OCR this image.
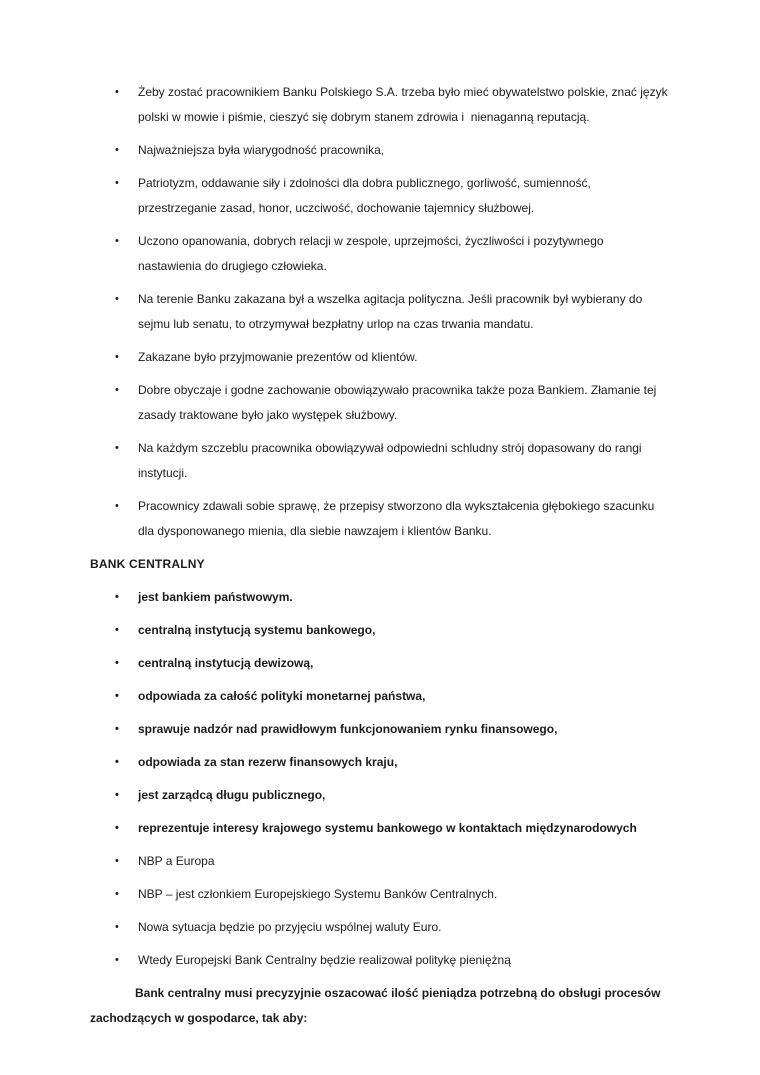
•	Żeby zostać pracownikiem Banku Polskiego S.A. trzeba było mieć obywatelstwo polskie, znać język polski w mowie i piśmie, cieszyć się dobrym stanem zdrowia i  nienaganną reputacją.
•	Najważniejsza była wiarygodność pracownika,
•	Patriotyzm, oddawanie siły i zdolności dla dobra publicznego, gorliwość, sumienność, przestrzeganie zasad, honor, uczciwość, dochowanie tajemnicy służbowej.
•	Uczono opanowania, dobrych relacji w zespole, uprzejmości, życzliwości i pozytywnego nastawienia do drugiego człowieka.
•	Na terenie Banku zakazana był a wszelka agitacja polityczna. Jeśli pracownik był wybierany do sejmu lub senatu, to otrzymywał bezpłatny urlop na czas trwania mandatu.
•	Zakazane było przyjmowanie prezentów od klientów.
•	Dobre obyczaje i godne zachowanie obowiązywało pracownika także poza Bankiem. Złamanie tej zasady traktowane było jako występek służbowy.
•	Na każdym szczeblu pracownika obowiązywał odpowiedni schludny strój dopasowany do rangi instytucji.
•	Pracownicy zdawali sobie sprawę, że przepisy stworzono dla wykształcenia głębokiego szacunku dla dysponowanego mienia, dla siebie nawzajem i klientów Banku.
BANK CENTRALNY
•	jest bankiem państwowym.
•	centralną instytucją systemu bankowego,
•	centralną instytucją dewizową,
•	odpowiada za całość polityki monetarnej państwa,
•	sprawuje nadzór nad prawidłowym funkcjonowaniem rynku finansowego,
•	odpowiada za stan rezerw finansowych kraju,
•	jest zarządcą długu publicznego,
•	reprezentuje interesy krajowego systemu bankowego w kontaktach międzynarodowych
•	NBP a Europa
•	NBP – jest członkiem Europejskiego Systemu Banków Centralnych.
•	Nowa sytuacja będzie po przyjęciu wspólnej waluty Euro.
•	Wtedy Europejski Bank Centralny będzie realizował politykę pieniężną

Bank centralny musi precyzyjnie oszacować ilość pieniądza potrzebną do obsługi procesów zachodzących w gospodarce, tak aby:
